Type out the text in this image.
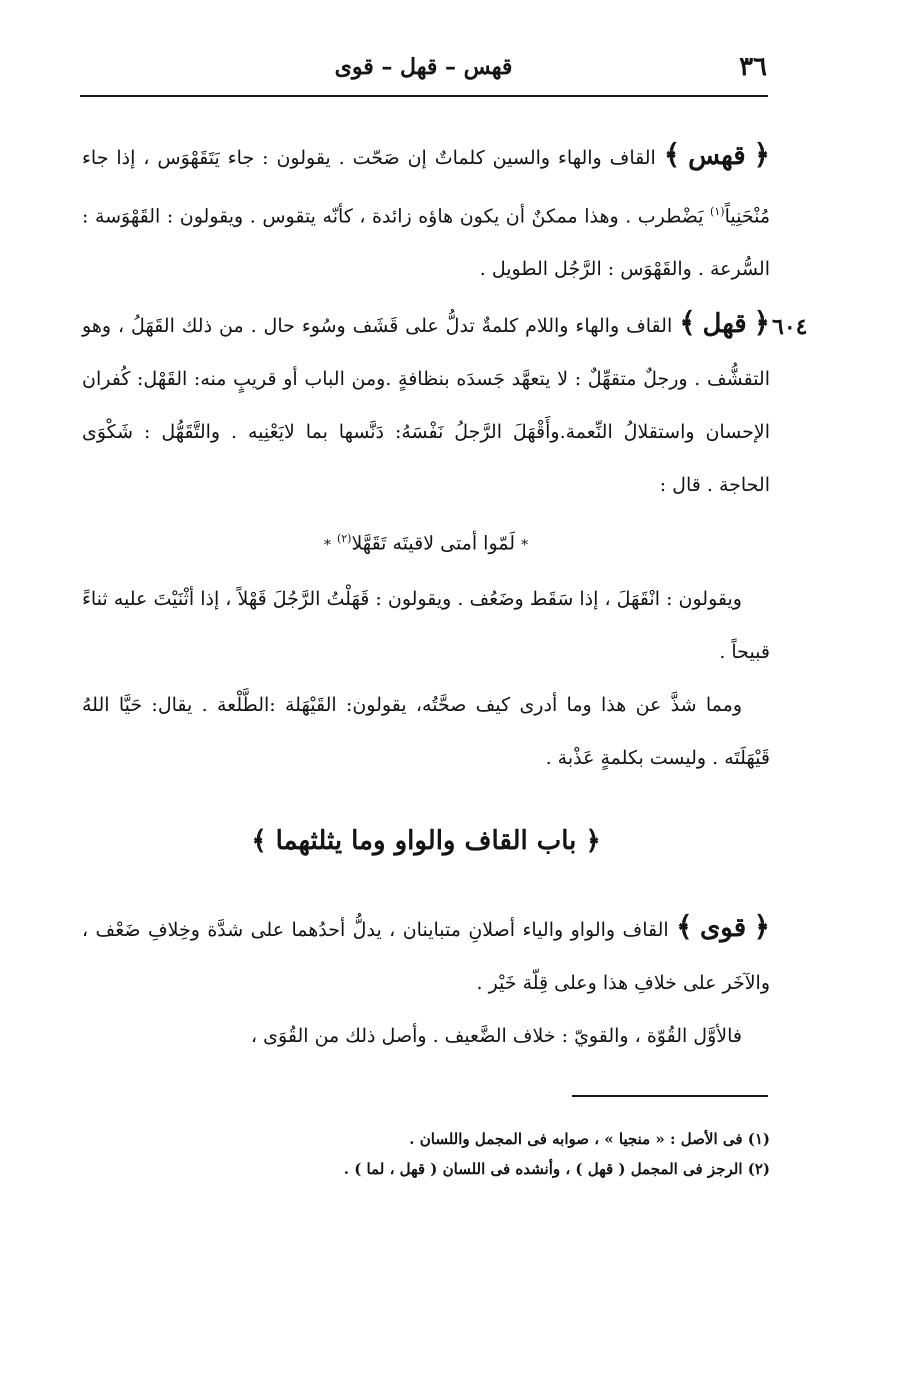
٣٦
قهس – قهل – قوى
٦٠٤

﴿ قهس ﴾ القاف والهاء والسين كلماتٌ إن صَحّت . يقولون : جاء يَتَقَهْوَس ، إذا جاء مُنْحَنِياً$^{(١)}$ يَضْطرب . وهذا ممكنٌ أن يكون هاؤه زائدة ، كأنّه يتقوس . ويقولون : القَهْوَسة : السُّرعة . والقَهْوَس : الرَّجُل الطويل .

﴿ قهل ﴾ القاف والهاء واللام كلمةٌ تدلُّ على قَشَف وسُوء حال . من ذلك القَهَلُ ، وهو التقشُّف . ورجلٌ متقهِّلٌ : لا يتعهَّد جَسدَه بنظافةٍ .ومن الباب أو قريبٍ منه: القَهْل: كُفران الإحسان واستقلالُ النِّعمة.وأَقْهَلَ الرَّجلُ نَفْسَهُ: دَنَّسها بما لايَعْنِيه . والتَّقَهُّل : شَكْوَى الحاجة . قال :

* لَمّوا أمتى لاقيتَه تَقَهَّلا$^{(٢)}$ *

ويقولون : انْقَهَلَ ، إذا سَقَط وضَعُف . ويقولون : قَهَلْتُ الرَّجُلَ قَهْلاً ، إذا أثْنَيْتَ عليه ثناءً قبيحاً .

ومما شذَّ عن هذا وما أدرى كيف صحَّتُه، يقولون: القَيْهَلة :الطَّلْعة . يقال: حَيَّا اللهُ قَيْهَلَتَه . وليست بكلمةٍ عَذْبة .

﴿ باب القاف والواو وما يثلثهما ﴾

﴿ قوى ﴾ القاف والواو والياء أصلانِ متباينان ، يدلُّ أحدُهما على شدَّة وخِلافِ ضَعْف ، والآخَر على خلافِ هذا وعلى قِلّة خَيْر .

فالأوَّل القُوّة ، والقويّ : خلاف الضَّعيف . وأصل ذلك من القُوَى ،

(١) فى الأصل : « منجيا » ، صوابه فى المجمل واللسان .

(٢) الرجز فى المجمل ( قهل ) ، وأنشده فى اللسان ( قهل ، لما ) .
